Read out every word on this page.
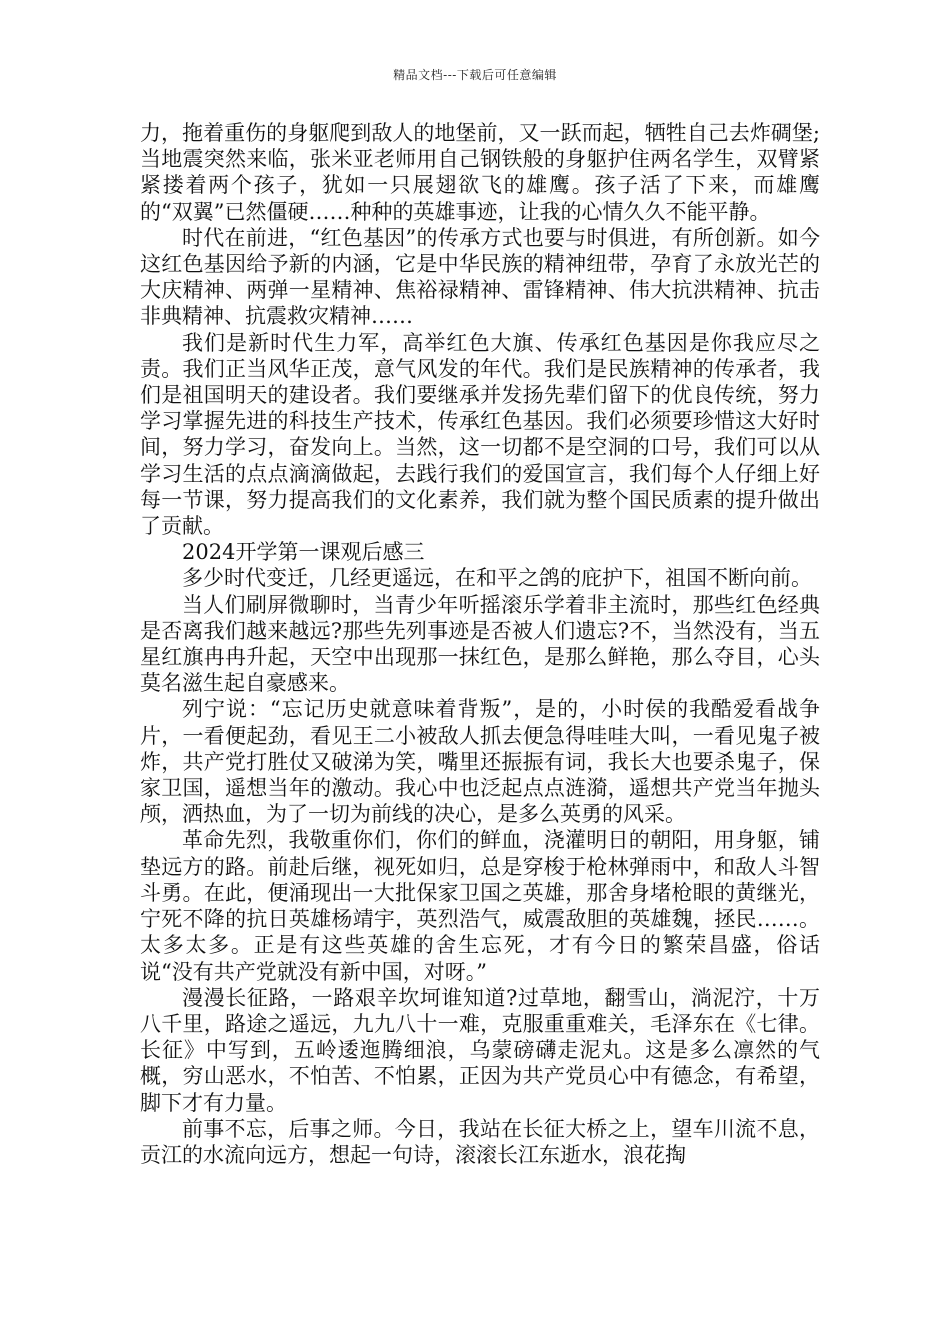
精品文档---下载后可任意编辑

力，拖着重伤的身躯爬到敌人的地堡前，又一跃而起，牺牲自己去炸碉堡;当地震突然来临，张米亚老师用自己钢铁般的身躯护住两名学生，双臂紧紧搂着两个孩子，犹如一只展翅欲飞的雄鹰。孩子活了下来，而雄鹰的“双翼”已然僵硬……种种的英雄事迹，让我的心情久久不能平静。

时代在前进，“红色基因”的传承方式也要与时俱进，有所创新。如今这红色基因给予新的内涵，它是中华民族的精神纽带，孕育了永放光芒的大庆精神、两弹一星精神、焦裕禄精神、雷锋精神、伟大抗洪精神、抗击非典精神、抗震救灾精神……

我们是新时代生力军，高举红色大旗、传承红色基因是你我应尽之责。我们正当风华正茂，意气风发的年代。我们是民族精神的传承者，我们是祖国明天的建设者。我们要继承并发扬先辈们留下的优良传统，努力学习掌握先进的科技生产技术，传承红色基因。我们必须要珍惜这大好时间，努力学习，奋发向上。当然，这一切都不是空洞的口号，我们可以从学习生活的点点滴滴做起，去践行我们的爱国宣言，我们每个人仔细上好每一节课，努力提高我们的文化素养，我们就为整个国民质素的提升做出了贡献。

2024开学第一课观后感三

多少时代变迁，几经更遥远，在和平之鸽的庇护下，祖国不断向前。

当人们刷屏微聊时，当青少年听摇滚乐学着非主流时，那些红色经典是否离我们越来越远?那些先列事迹是否被人们遗忘?不，当然没有，当五星红旗冉冉升起，天空中出现那一抹红色，是那么鲜艳，那么夺目，心头莫名滋生起自豪感来。

列宁说：“忘记历史就意味着背叛”，是的，小时侯的我酷爱看战争片，一看便起劲，看见王二小被敌人抓去便急得哇哇大叫，一看见鬼子被炸，共产党打胜仗又破涕为笑，嘴里还振振有词，我长大也要杀鬼子，保家卫国，遥想当年的激动。我心中也泛起点点涟漪，遥想共产党当年抛头颅，洒热血，为了一切为前线的决心，是多么英勇的风采。

革命先烈，我敬重你们，你们的鲜血，浇灌明日的朝阳，用身躯，铺垫远方的路。前赴后继，视死如归，总是穿梭于枪林弹雨中，和敌人斗智斗勇。在此，便涌现出一大批保家卫国之英雄，那舍身堵枪眼的黄继光，宁死不降的抗日英雄杨靖宇，英烈浩气，威震敌胆的英雄魏，拯民……。太多太多。正是有这些英雄的舍生忘死，才有今日的繁荣昌盛，俗话说“没有共产党就没有新中国，对呀。”

漫漫长征路，一路艰辛坎坷谁知道?过草地，翻雪山，淌泥泞，十万八千里，路途之遥远，九九八十一难，克服重重难关，毛泽东在《七律。长征》中写到，五岭逶迤腾细浪，乌蒙磅礴走泥丸。这是多么凛然的气概，穷山恶水，不怕苦、不怕累，正因为共产党员心中有德念，有希望，脚下才有力量。

前事不忘，后事之师。今日，我站在长征大桥之上，望车川流不息，贡江的水流向远方，想起一句诗，滚滚长江东逝水，浪花掏
